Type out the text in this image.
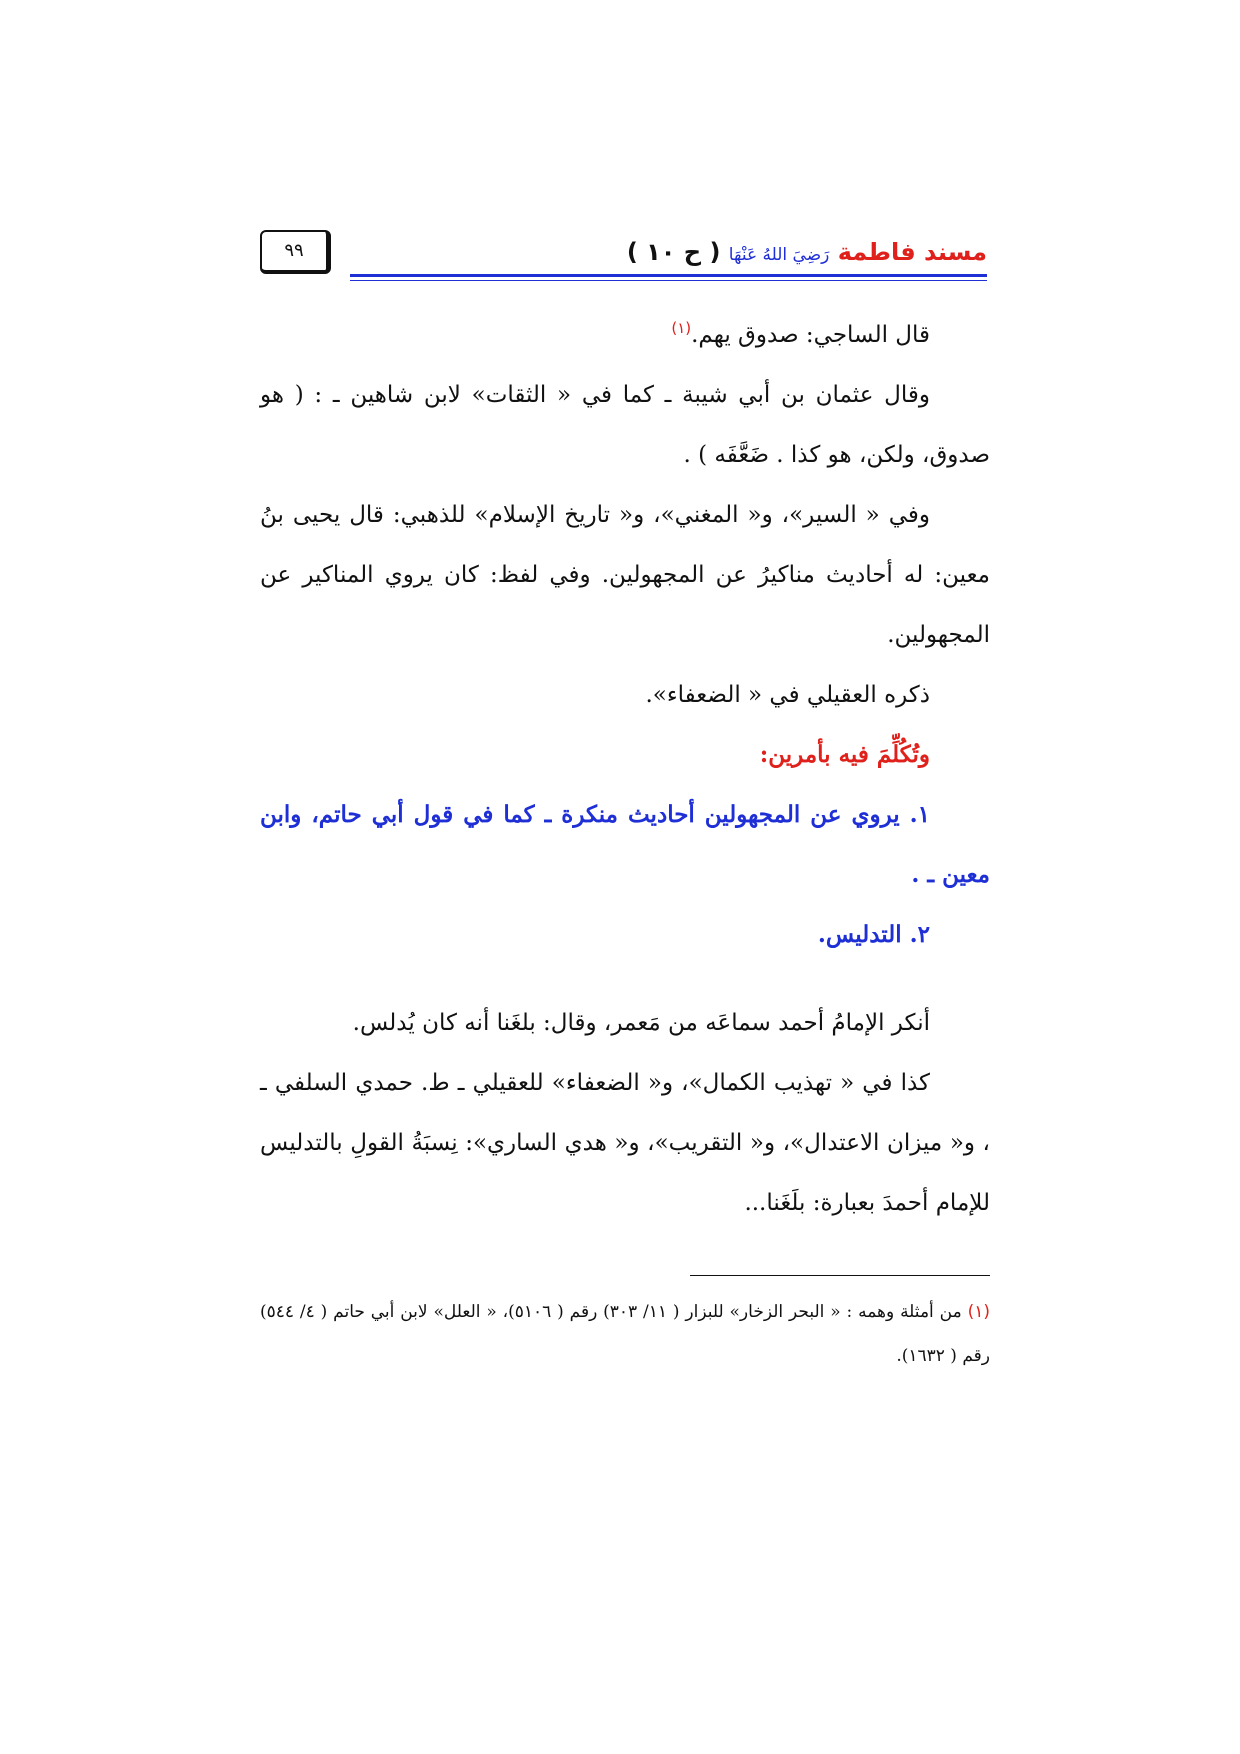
٩٩	مسند فاطمة رَضِيَ اللهُ عَنْهَا ( ح ١٠ )

قال الساجي: صدوق يهم.$^{(١)}$

وقال عثمان بن أبي شيبة ـ كما في « الثقات» لابن شاهين ـ : ( هو صدوق، ولكن، هو كذا . ضَعَّفَه ) .

وفي « السير»، و« المغني»، و« تاريخ الإسلام» للذهبي: قال يحيى بنُ معين: له أحاديث مناكيرُ عن المجهولين. وفي لفظ: كان يروي المناكير عن المجهولين.

ذكره العقيلي في « الضعفاء».

وتُكُلِّمَ فيه بأمرين:

١. يروي عن المجهولين أحاديث منكرة ـ كما في قول أبي حاتم، وابن معين ـ .

٢. التدليس.

أنكر الإمامُ أحمد سماعَه من مَعمر، وقال: بلغَنا أنه كان يُدلس.

كذا في « تهذيب الكمال»، و« الضعفاء» للعقيلي ـ ط. حمدي السلفي ـ ، و« ميزان الاعتدال»، و« التقريب»، و« هدي الساري»: نِسبَةُ القولِ بالتدليس للإمام أحمدَ بعبارة: بلَغَنا...

(١) من أمثلة وهمه : « البحر الزخار» للبزار ( ١١/ ٣٠٣) رقم ( ٥١٠٦)، « العلل» لابن أبي حاتم ( ٤/ ٥٤٤) رقم ( ١٦٣٢).
